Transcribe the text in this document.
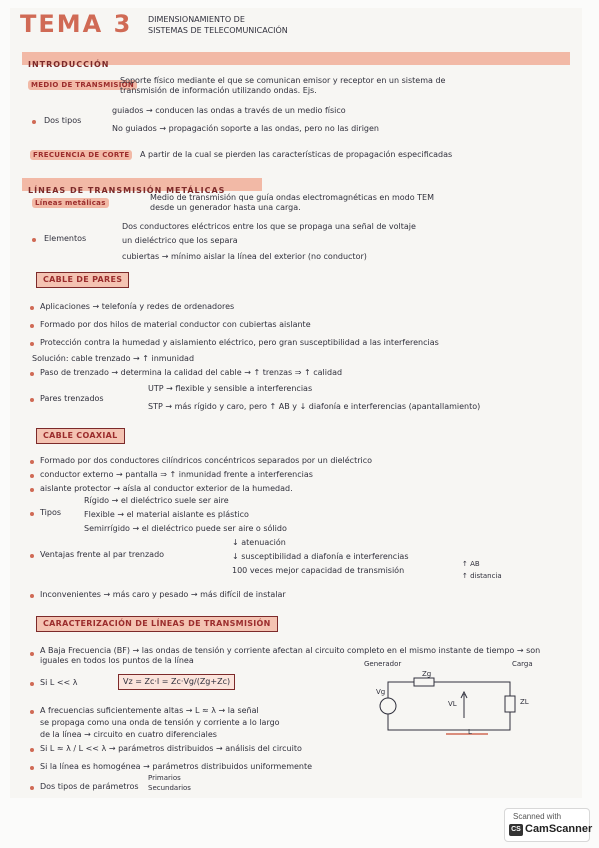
TEMA 3 DIMENSIONAMIENTO DE
SISTEMAS DE TELECOMUNICACIÓN
INTRODUCCIÓN
MEDIO DE TRANSMISIÓN
Soporte físico mediante el que se comunican emisor y receptor en un sistema de transmisión de información utilizando ondas. Ejs.
Dos tipos
guiados → conducen las ondas a través de un medio físico
No guiados → propagación soporte a las ondas, pero no las dirigen
FRECUENCIA DE CORTE	A partir de la cual se pierden las características de propagación especificadas
LÍNEAS DE TRANSMISIÓN METÁLICAS
Líneas metálicas
Medio de transmisión que guía ondas electromagnéticas en modo TEM desde un generador hasta una carga.
Elementos
Dos conductores eléctricos entre los que se propaga una señal de voltaje
un dieléctrico que los separa
cubiertas → mínimo aislar la línea del exterior (no conductor)
CABLE DE PARES
Aplicaciones → telefonía y redes de ordenadores
Formado por dos hilos de material conductor con cubiertas aislante
Protección contra la humedad y aislamiento eléctrico, pero gran susceptibilidad a las interferencias
Solución: cable trenzado → ↑ inmunidad
Paso de trenzado → determina la calidad del cable → ↑ trenzas ⇒ ↑ calidad
Pares trenzados
UTP → flexible y sensible a interferencias
STP → más rígido y caro, pero ↑ AB y ↓ diafonía e interferencias (apantallamiento)
CABLE COAXIAL
Formado por dos conductores cilíndricos concéntricos separados por un dieléctrico
conductor externo → pantalla ⇒ ↑ inmunidad frente a interferencias
aislante protector → aísla al conductor exterior de la humedad.
Tipos
Rígido → el dieléctrico suele ser aire
Flexible → el material aislante es plástico
Semirrígido → el dieléctrico puede ser aire o sólido
Ventajas frente al par trenzado
↓ atenuación
↓ susceptibilidad a diafonía e interferencias
100 veces mejor capacidad de transmisión
↑ AB
↑ distancia
Inconvenientes → más caro y pesado → más difícil de instalar
CARACTERIZACIÓN DE LÍNEAS DE TRANSMISIÓN
A Baja Frecuencia (BF) → las ondas de tensión y corriente afectan al circuito completo en el mismo instante de tiempo → son iguales en todos los puntos de la línea
Si L << λ	Vz = Zc·I = Zc·Vg/(Zg+Zc)
A frecuencias suficientemente altas → L ≈ λ → la señal
se propaga como una onda de tensión y corriente a lo largo
de la línea → circuito en cuatro diferenciales
Si L ≈ λ / L << λ → parámetros distribuidos → análisis del circuito
Si la línea es homogénea → parámetros distribuidos uniformemente
Dos tipos de parámetros
Primarios
Secundarios
Generador	Carga
Vg
Zg
ZL
VL
L
Scanned with
CS CamScanner
